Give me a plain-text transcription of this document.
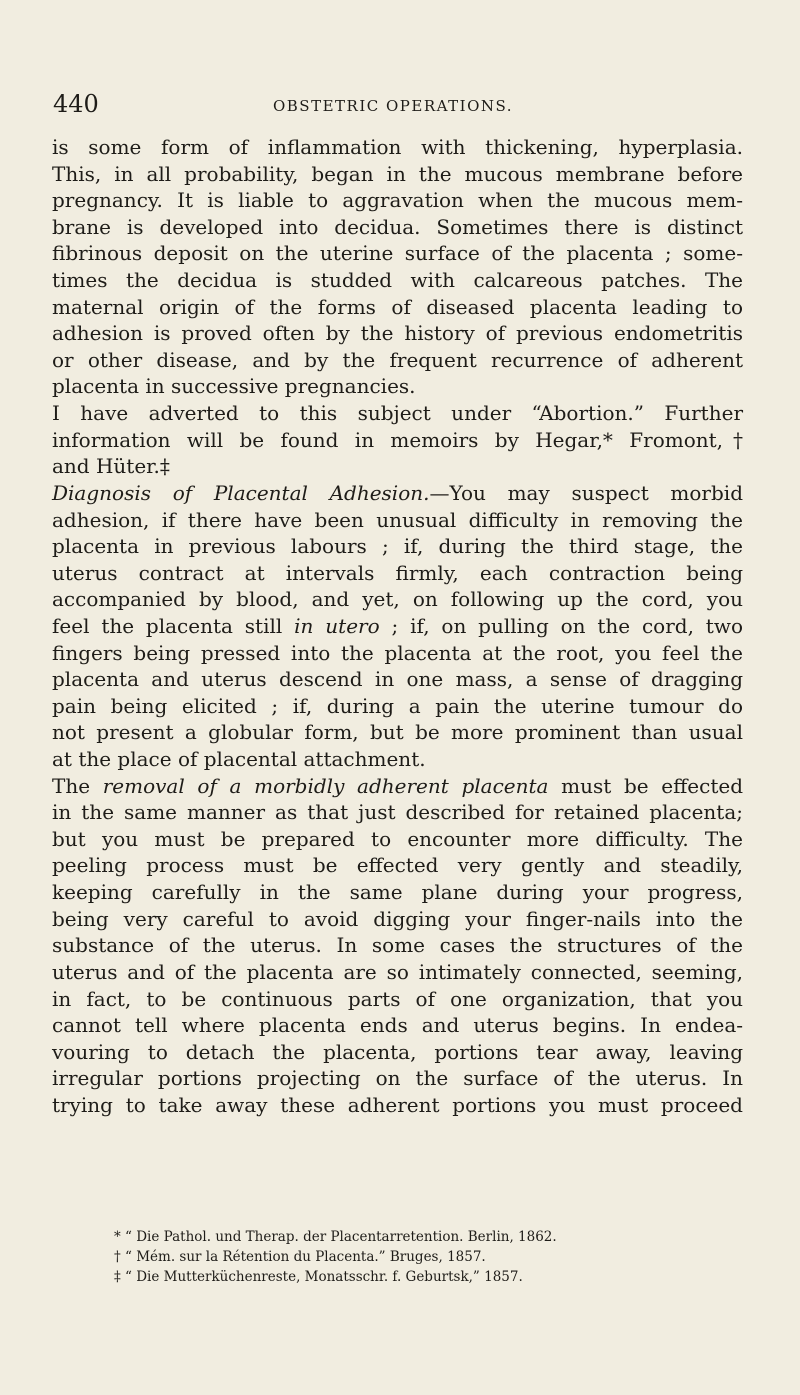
440	OBSTETRIC OPERATIONS.
is some form of inflammation with thickening, hyperplasia.
This, in all probability, began in the mucous membrane before
pregnancy. It is liable to aggravation when the mucous mem-
brane is developed into decidua. Sometimes there is distinct
fibrinous deposit on the uterine surface of the placenta ; some-
times the decidua is studded with calcareous patches. The
maternal origin of the forms of diseased placenta leading to
adhesion is proved often by the history of previous endometritis
or other disease, and by the frequent recurrence of adherent
placenta in successive pregnancies.
I have adverted to this subject under “Abortion.” Further
information will be found in memoirs by Hegar,* Fromont,†
and Hüter.‡
Diagnosis of Placental Adhesion.—You may suspect morbid
adhesion, if there have been unusual difficulty in removing the
placenta in previous labours ; if, during the third stage, the
uterus contract at intervals firmly, each contraction being
accompanied by blood, and yet, on following up the cord, you
feel the placenta still in utero ; if, on pulling on the cord, two
fingers being pressed into the placenta at the root, you feel the
placenta and uterus descend in one mass, a sense of dragging
pain being elicited ; if, during a pain the uterine tumour do
not present a globular form, but be more prominent than usual
at the place of placental attachment.
The removal of a morbidly adherent placenta must be effected
in the same manner as that just described for retained placenta;
but you must be prepared to encounter more difficulty. The
peeling process must be effected very gently and steadily,
keeping carefully in the same plane during your progress,
being very careful to avoid digging your finger-nails into the
substance of the uterus. In some cases the structures of the
uterus and of the placenta are so intimately connected, seeming,
in fact, to be continuous parts of one organization, that you
cannot tell where placenta ends and uterus begins. In endea-
vouring to detach the placenta, portions tear away, leaving
irregular portions projecting on the surface of the uterus. In
trying to take away these adherent portions you must proceed
* “ Die Pathol. und Therap. der Placentarretention. Berlin, 1862.
† “ Mém. sur la Rétention du Placenta.” Bruges, 1857.
‡ “ Die Mutterküchenreste, Monatsschr. f. Geburtsk,” 1857.
